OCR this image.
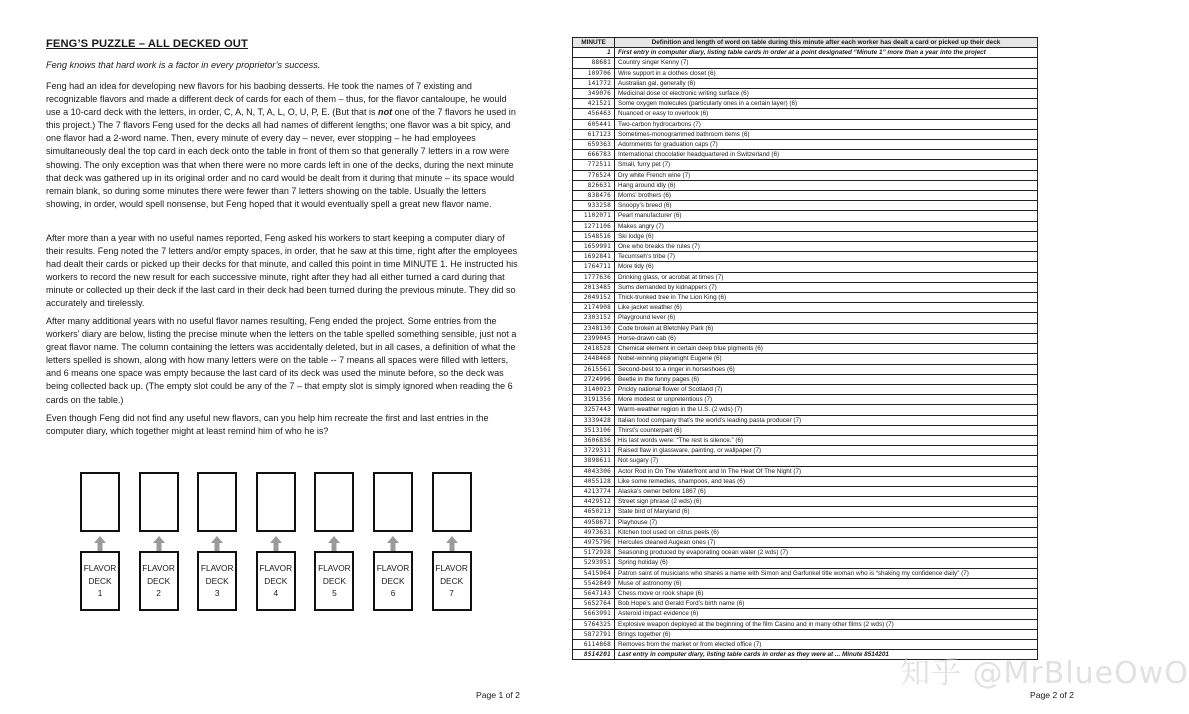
FENG’S PUZZLE – ALL DECKED OUT
Feng knows that hard work is a factor in every proprietor’s success.

Feng had an idea for developing new flavors for his baobing desserts. He took the names of 7 existing and recognizable flavors and made a different deck of cards for each of them – thus, for the flavor cantaloupe, he would use a 10-card deck with the letters, in order, C, A, N, T, A, L, O, U, P, E. (But that is not one of the 7 flavors he used in this project.) The 7 flavors Feng used for the decks all had names of different lengths; one flavor was a bit spicy, and one flavor had a 2-word name. Then, every minute of every day – never, ever stopping – he had employees simultaneously deal the top card in each deck onto the table in front of them so that generally 7 letters in a row were showing. The only exception was that when there were no more cards left in one of the decks, during the next minute that deck was gathered up in its original order and no card would be dealt from it during that minute – its space would remain blank, so during some minutes there were fewer than 7 letters showing on the table. Usually the letters showing, in order, would spell nonsense, but Feng hoped that it would eventually spell a great new flavor name.

After more than a year with no useful names reported, Feng asked his workers to start keeping a computer diary of their results. Feng noted the 7 letters and/or empty spaces, in order, that he saw at this time, right after the employees had dealt their cards or picked up their decks for that minute, and called this point in time MINUTE 1. He instructed his workers to record the new result for each successive minute, right after they had all either turned a card during that minute or collected up their deck if the last card in their deck had been turned during the previous minute. They did so accurately and tirelessly.

After many additional years with no useful flavor names resulting, Feng ended the project. Some entries from the workers’ diary are below, listing the precise minute when the letters on the table spelled something sensible, just not a great flavor name. The column containing the letters was accidentally deleted, but in all cases, a definition of what the letters spelled is shown, along with how many letters were on the table -- 7 means all spaces were filled with letters, and 6 means one space was empty because the last card of its deck was used the minute before, so the deck was being collected back up. (The empty slot could be any of the 7 – that empty slot is simply ignored when reading the 6 cards on the table.)

Even though Feng did not find any useful new flavors, can you help him recreate the first and last entries in the computer diary, which together might at least remind him of who he is?

FLAVOR
DECK
1
FLAVOR
DECK
2
FLAVOR
DECK
3
FLAVOR
DECK
4
FLAVOR
DECK
5
FLAVOR
DECK
6
FLAVOR
DECK
7
Page 1 of 2
MINUTE	Definition and length of word on table during this minute after each worker has dealt a card or picked up their deck
1	First entry in computer diary, listing table cards in order at a point designated “Minute 1” more than a year into the project
88681	Country singer Kenny (7)
109706	Wire support in a clothes closet (6)
141772	Australian gal, generally (6)
349076	Medicinal dose or electronic writing surface (6)
421521	Some oxygen molecules (particularly ones in a certain layer) (6)
456463	Nuanced or easy to overlook (6)
605441	Two-carbon hydrocarbons (7)
617123	Sometimes-monogrammed bathroom items (6)
659363	Adornments for graduation caps (7)
666783	International chocolatier headquartered in Switzerland (6)
772511	Small, furry pet (7)
776524	Dry white French wine (7)
826631	Hang around idly (6)
838476	Moms’ brothers (6)
933258	Snoopy’s breed (6)
1102071	Pearl manufacturer (6)
1271106	Makes angry (7)
1548516	Ski lodge (6)
1659991	One who breaks the rules (7)
1692841	Tecumseh’s tribe (7)
1764711	More tidy (6)
1777636	Drinking glass, or acrobat at times (7)
2013485	Sums demanded by kidnappers (7)
2049152	Thick-trunked tree in The Lion King (6)
2174908	Like jacket weather (6)
2303152	Playground lever (6)
2348130	Code broken at Bletchley Park (6)
2399045	Horse-drawn cab (6)
2418528	Chemical element in certain deep blue pigments (6)
2448468	Nobel-winning playwright Eugene (6)
2615561	Second-best to a ringer in horseshoes (6)
2724996	Beetle in the funny pages (6)
3140023	Prickly national flower of Scotland (7)
3191356	More modest or unpretentious (7)
3257443	Warm-weather region in the U.S. (2 wds) (7)
3339428	Italian food company that’s the world’s leading pasta producer (7)
3513106	Thirst’s counterpart (6)
3606836	His last words were: “The rest is silence.” (6)
3729311	Raised flaw in glassware, painting, or wallpaper (7)
3898611	Not sugary (7)
4043306	Actor Rod in On The Waterfront and In The Heat Of The Night (7)
4055128	Like some remedies, shampoos, and teas (6)
4213774	Alaska’s owner before 1867 (6)
4429512	Street sign phrase (2 wds) (6)
4650213	State bird of Maryland (6)
4958671	Playhouse (7)
4973631	Kitchen tool used on citrus peels (6)
4975796	Hercules cleaned Augean ones (7)
5172928	Seasoning produced by evaporating ocean water (2 wds) (7)
5293951	Spring holiday (6)
5415964	Patron saint of musicians who shares a name with Simon and Garfunkel title woman who is “shaking my confidence daily” (7)
5542849	Muse of astronomy (6)
5647143	Chess move or rook shape (6)
5652764	Bob Hope’s and Gerald Ford’s birth name (6)
5663991	Asteroid impact evidence (6)
5764325	Explosive weapon deployed at the beginning of the film Casino and in many other films (2 wds) (7)
5872791	Brings together (6)
6114868	Removes from the market or from elected office (7)
8514201	Last entry in computer diary, listing table cards in order as they were at ... Minute 8514201
知乎 @MrBlueOwO
Page 2 of 2
